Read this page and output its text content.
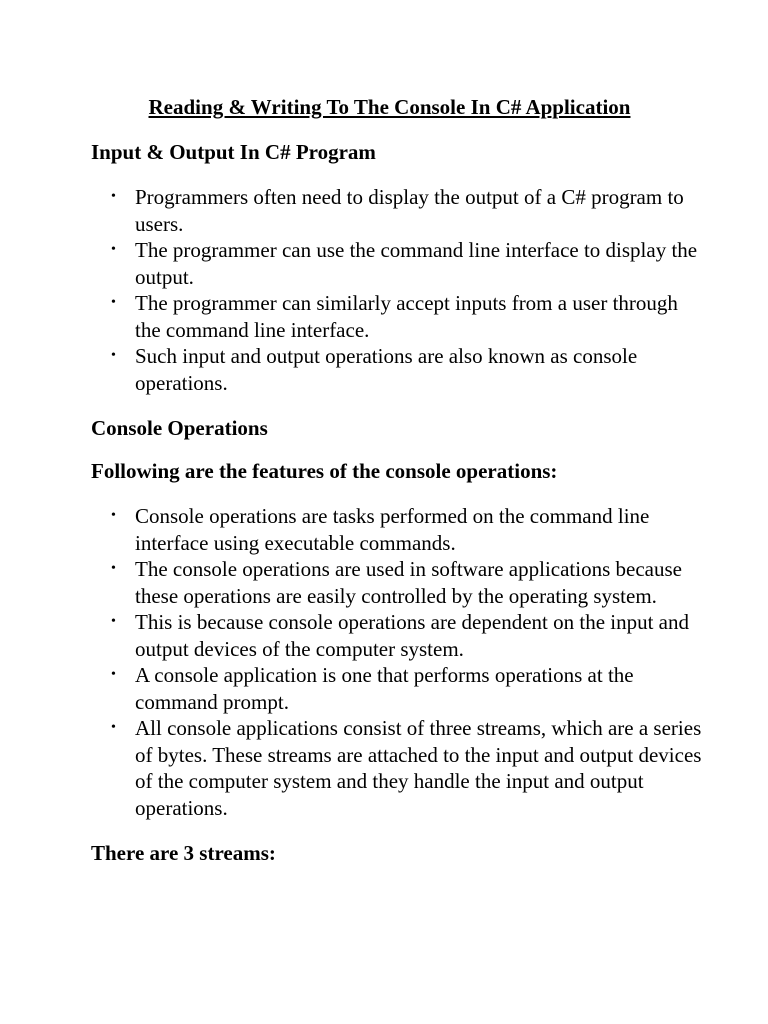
Reading & Writing To The Console In C# Application
Input & Output In C# Program
• Programmers often need to display the output of a C# program to users.
• The programmer can use the command line interface to display the output.
• The programmer can similarly accept inputs from a user through the command line interface.
• Such input and output operations are also known as console operations.
Console Operations
Following are the features of the console operations:
• Console operations are tasks performed on the command line interface using executable commands.
• The console operations are used in software applications because these operations are easily controlled by the operating system.
• This is because console operations are dependent on the input and output devices of the computer system.
• A console application is one that performs operations at the command prompt.
• All console applications consist of three streams, which are a series of bytes. These streams are attached to the input and output devices of the computer system and they handle the input and output operations.
There are 3 streams:
